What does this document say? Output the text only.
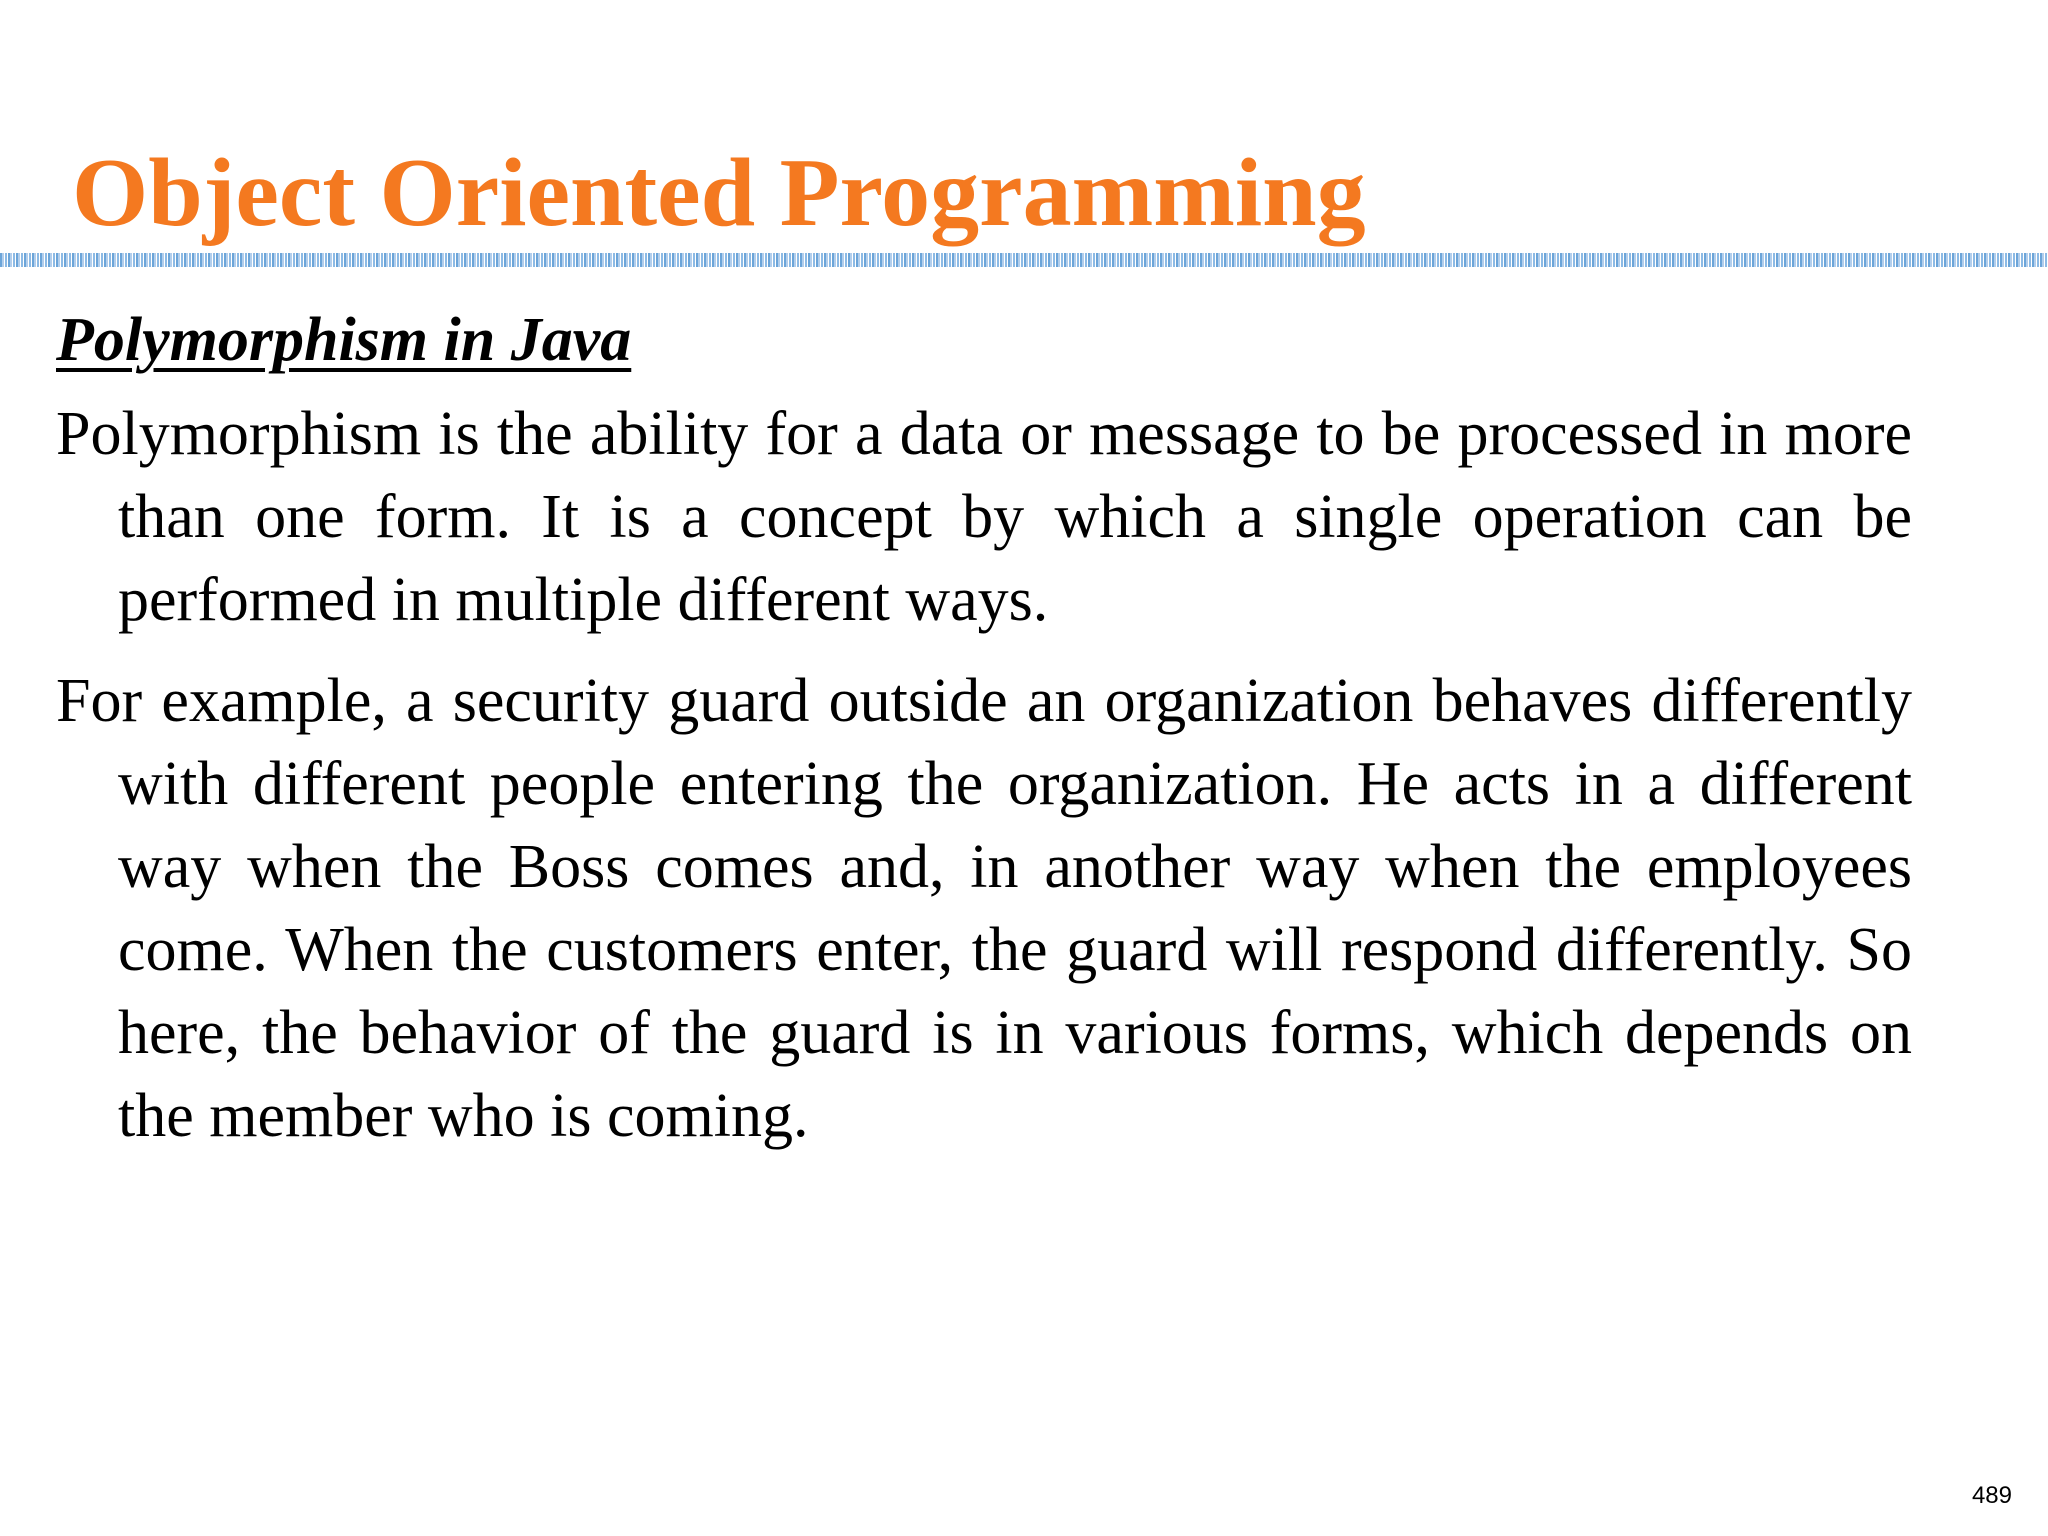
Object Oriented Programming

Polymorphism in Java

Polymorphism is the ability for a data or message to be processed in more than one form. It is a concept by which a single operation can be performed in multiple different ways.

For example, a security guard outside an organization behaves differently with different people entering the organization. He acts in a different way when the Boss comes and, in another way when the employees come. When the customers enter, the guard will respond differently. So here, the behavior of the guard is in various forms, which depends on the member who is coming.

489
